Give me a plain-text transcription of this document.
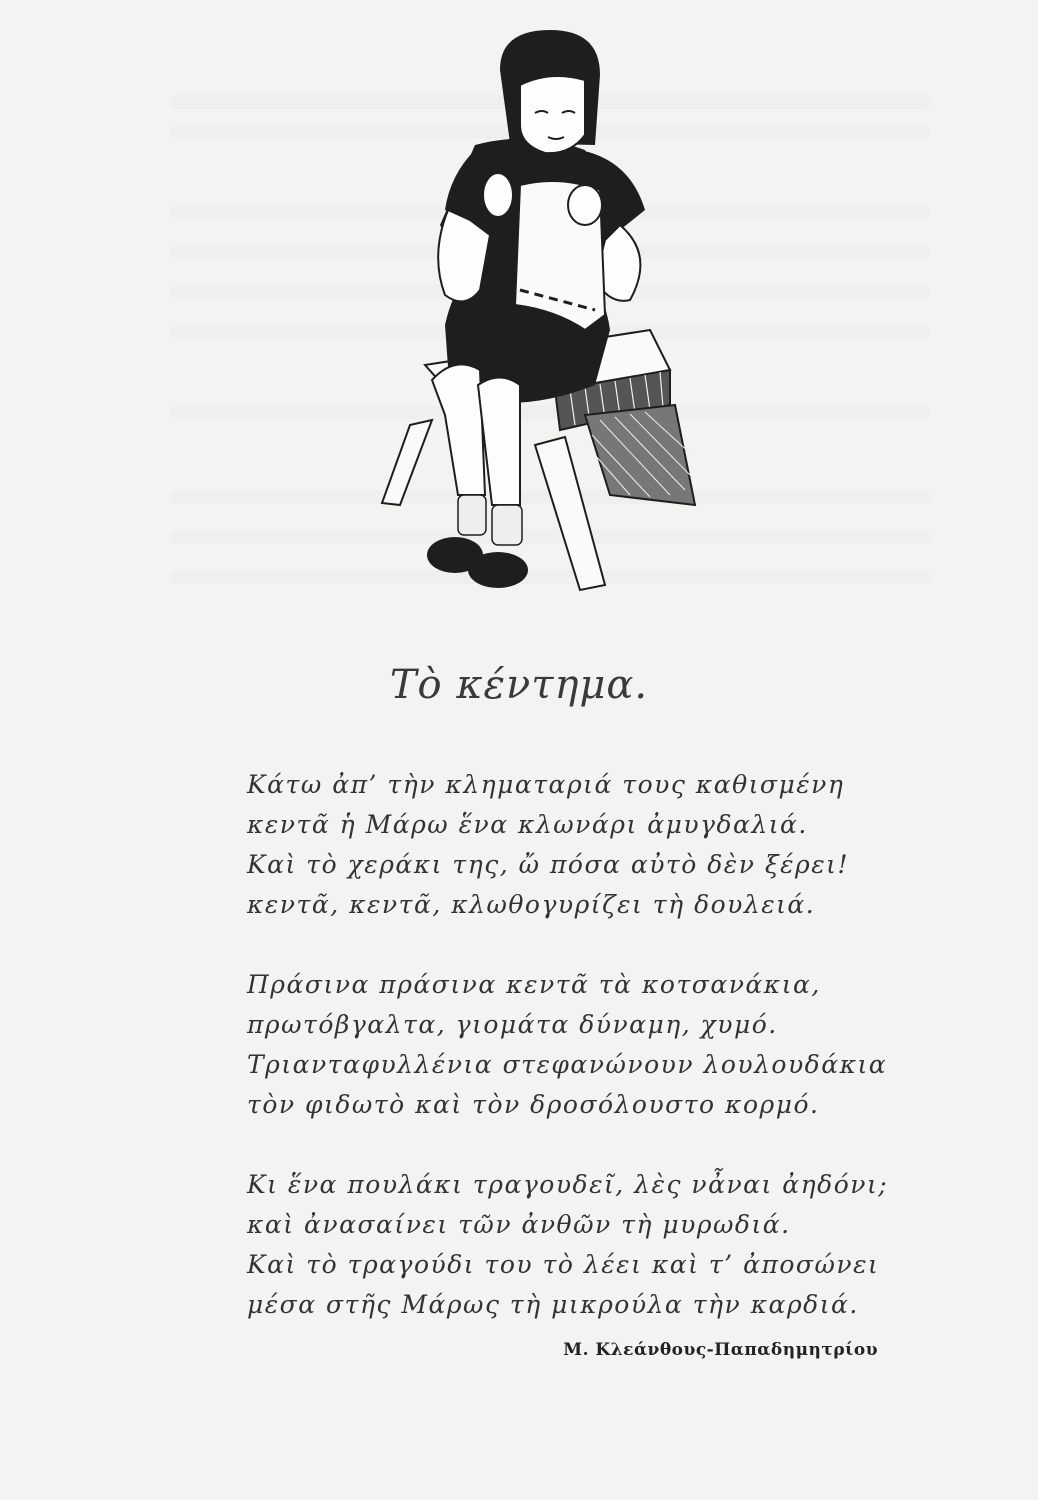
Τὸ κέντημα.
Κάτω ἀπ’ τὴν κληματαριά τους καθισμένη
κεντᾶ ἡ Μάρω ἕνα κλωνάρι ἀμυγδαλιά.
Καὶ τὸ χεράκι της, ὤ πόσα αὐτὸ δὲν ξέρει!
κεντᾶ, κεντᾶ, κλωθογυρίζει τὴ δουλειά.
Πράσινα πράσινα κεντᾶ τὰ κοτσανάκια,
πρωτόβγαλτα, γιομάτα δύναμη, χυμό.
Τριανταφυλλένια στεφανώνουν λουλουδάκια
τὸν φιδωτὸ καὶ τὸν δροσόλουστο κορμό.
Κι ἕνα πουλάκι τραγουδεῖ, λὲς νἆναι ἀηδόνι;
καὶ ἀνασαίνει τῶν ἀνθῶν τὴ μυρωδιά.
Καὶ τὸ τραγούδι του τὸ λέει καὶ τ’ ἀποσώνει
μέσα στῆς Μάρως τὴ μικρούλα τὴν καρδιά.
Μ. Κλεάνθους-Παπαδημητρίου
